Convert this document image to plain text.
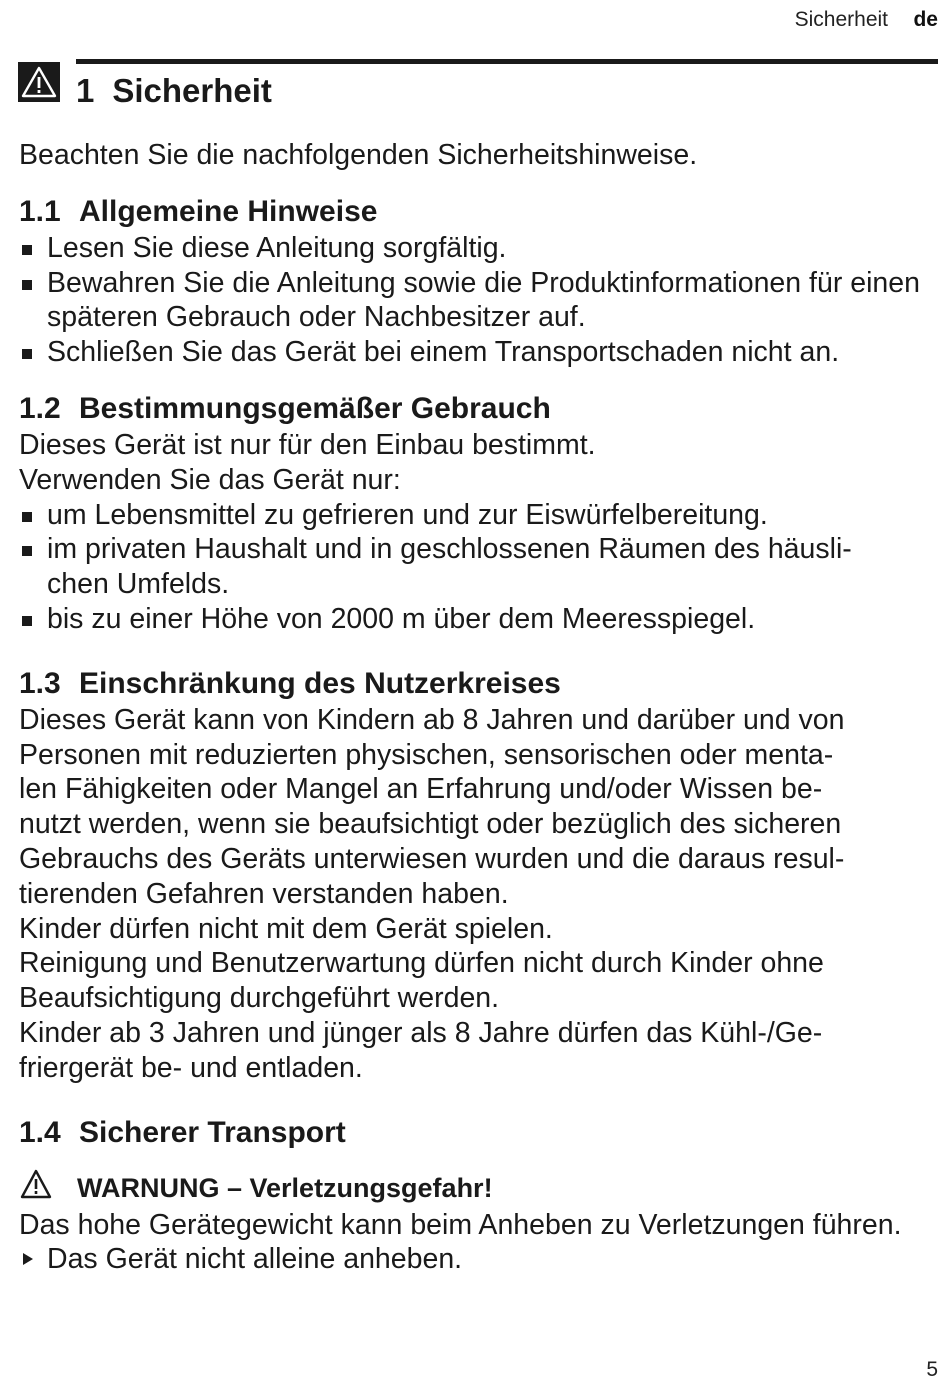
Sicherheit de
1 Sicherheit

Beachten Sie die nachfolgenden Sicherheitshinweise.

1.1 Allgemeine Hinweise
Lesen Sie diese Anleitung sorgfältig.
Bewahren Sie die Anleitung sowie die Produktinformationen für einen späteren Gebrauch oder Nachbesitzer auf.
Schließen Sie das Gerät bei einem Transportschaden nicht an.
1.2 Bestimmungsgemäßer Gebrauch

Dieses Gerät ist nur für den Einbau bestimmt.

Verwenden Sie das Gerät nur:

um Lebensmittel zu gefrieren und zur Eiswürfelbereitung.
im privaten Haushalt und in geschlossenen Räumen des häusli-
chen Umfelds.
bis zu einer Höhe von 2000 m über dem Meeresspiegel.
1.3 Einschränkung des Nutzerkreises

Dieses Gerät kann von Kindern ab 8 Jahren und darüber und von
Personen mit reduzierten physischen, sensorischen oder menta-
len Fähigkeiten oder Mangel an Erfahrung und/oder Wissen be-
nutzt werden, wenn sie beaufsichtigt oder bezüglich des sicheren
Gebrauchs des Geräts unterwiesen wurden und die daraus resul-
tierenden Gefahren verstanden haben.

Kinder dürfen nicht mit dem Gerät spielen.

Reinigung und Benutzerwartung dürfen nicht durch Kinder ohne Beaufsichtigung durchgeführt werden.

Kinder ab 3 Jahren und jünger als 8 Jahre dürfen das Kühl-/Ge-
friergerät be- und entladen.

1.4 Sicherer Transport
WARNUNG – Verletzungsgefahr!

Das hohe Gerätegewicht kann beim Anheben zu Verletzungen führen.

Das Gerät nicht alleine anheben.
5
